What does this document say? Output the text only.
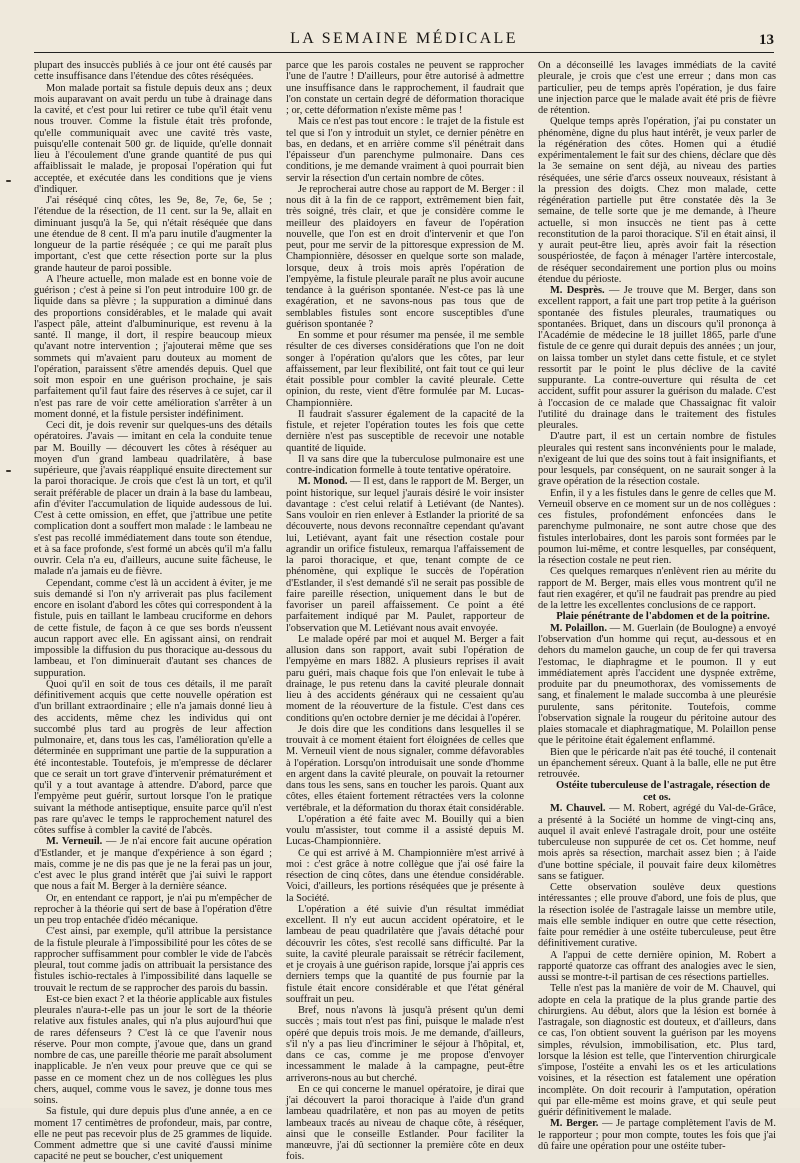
LA SEMAINE MÉDICALE	13

plupart des insuccès publiés à ce jour ont été causés par cette insuffisance dans l'étendue des côtes réséquées.

Mon malade portait sa fistule depuis deux ans ; deux mois auparavant on avait perdu un tube à drainage dans la cavité, et c'est pour lui retirer ce tube qu'il était venu nous trouver. Comme la fistule était très profonde, qu'elle communiquait avec une cavité très vaste, puisqu'elle contenait 500 gr. de liquide, qu'elle donnait lieu à l'écoulement d'une grande quantité de pus qui affaiblissait le malade, je proposai l'opération qui fut acceptée, et exécutée dans les conditions que je viens d'indiquer.

J'ai réséqué cinq côtes, les 9e, 8e, 7e, 6e, 5e ; l'étendue de la résection, de 11 cent. sur la 9e, allait en diminuant jusqu'à la 5e, qui n'était réséquée que dans une étendue de 8 cent. Il m'a paru inutile d'augmenter la longueur de la partie réséquée ; ce qui me paraît plus important, c'est que cette résection porte sur la plus grande hauteur de paroi possible.

A l'heure actuelle, mon malade est en bonne voie de guérison ; c'est à peine si l'on peut introduire 100 gr. de liquide dans sa plèvre ; la suppuration a diminué dans des proportions considérables, et le malade qui avait l'aspect pâle, atteint d'albuminurique, est revenu à la santé. Il mange, il dort, il respire beaucoup mieux qu'avant notre intervention ; j'ajouterai même que ses sommets qui m'avaient paru douteux au moment de l'opération, paraissent s'être amendés depuis. Quel que soit mon espoir en une guérison prochaine, je sais parfaitement qu'il faut faire des réserves à ce sujet, car il n'est pas rare de voir cette amélioration s'arrêter à un moment donné, et la fistule persister indéfiniment.

Ceci dit, je dois revenir sur quelques-uns des détails opératoires. J'avais — imitant en cela la conduite tenue par M. Bouilly — découvert les côtes à réséquer au moyen d'un grand lambeau quadrilatère, à base supérieure, que j'avais réappliqué ensuite directement sur la paroi thoracique. Je crois que c'est là un tort, et qu'il serait préférable de placer un drain à la base du lambeau, afin d'éviter l'accumulation de liquide audessous de lui. C'est à cette omission, en effet, que j'attribue une petite complication dont a souffert mon malade : le lambeau ne s'est pas recollé immédiatement dans toute son étendue, et à sa face profonde, s'est formé un abcès qu'il m'a fallu ouvrir. Cela n'a eu, d'ailleurs, aucune suite fâcheuse, le malade n'a jamais eu de fièvre.

Cependant, comme c'est là un accident à éviter, je me suis demandé si l'on n'y arriverait pas plus facilement encore en isolant d'abord les côtes qui correspondent à la fistule, puis en taillant le lambeau cruciforme en dehors de cette fistule, de façon à ce que ses bords n'eussent aucun rapport avec elle. En agissant ainsi, on rendrait impossible la diffusion du pus thoracique au-dessous du lambeau, et l'on diminuerait d'autant ses chances de suppuration.

Quoi qu'il en soit de tous ces détails, il me paraît définitivement acquis que cette nouvelle opération est d'un brillant extraordinaire ; elle n'a jamais donné lieu à des accidents, même chez les individus qui ont succombé plus tard au progrès de leur affection pulmonaire, et, dans tous les cas, l'amélioration qu'elle a déterminée en supprimant une partie de la suppuration a été incontestable. Toutefois, je m'empresse de déclarer que ce serait un tort grave d'intervenir prématurément et qu'il y a tout avantage à attendre. D'abord, parce que l'empyème peut guérir, surtout lorsque l'on le pratique suivant la méthode antiseptique, ensuite parce qu'il n'est pas rare qu'avec le temps le rapprochement naturel des côtes suffise à combler la cavité de l'abcès.

M. Verneuil. — Je n'ai encore fait aucune opération d'Estlander, et je manque d'expérience à son égard ; mais, comme je ne dis pas que je ne la ferai pas un jour, c'est avec le plus grand intérêt que j'ai suivi le rapport que nous a fait M. Berger à la dernière séance.

Or, en entendant ce rapport, je n'ai pu m'empêcher de reprocher à la théorie qui sert de base à l'opération d'être un peu trop entachée d'idéo mécanique.

C'est ainsi, par exemple, qu'il attribue la persistance de la fistule pleurale à l'impossibilité pour les côtes de se rapprocher suffisamment pour combler le vide de l'abcès pleural, tout comme jadis on attribuait la persistance des fistules ischio-rectales à l'impossibilité dans laquelle se trouvait le rectum de se rapprocher des parois du bassin.

Est-ce bien exact ? et la théorie applicable aux fistules pleurales n'aura-t-elle pas un jour le sort de la théorie relative aux fistules anales, qui n'a plus aujourd'hui que de rares défenseurs ? C'est là ce que l'avenir nous réserve. Pour mon compte, j'avoue que, dans un grand nombre de cas, une pareille théorie me paraît absolument inapplicable. Je n'en veux pour preuve que ce qui se passe en ce moment chez un de nos collègues les plus chers, auquel, comme vous le savez, je donne tous mes soins.

Sa fistule, qui dure depuis plus d'une année, a en ce moment 17 centimètres de profondeur, mais, par contre, elle ne peut pas recevoir plus de 25 grammes de liquide. Comment admettre que si une cavité d'aussi minime capacité ne peut se boucher, c'est uniquement

parce que les parois costales ne peuvent se rapprocher l'une de l'autre ! D'ailleurs, pour être autorisé à admettre une insuffisance dans le rapprochement, il faudrait que l'on constate un certain degré de déformation thoracique ; or, cette déformation n'existe même pas !

Mais ce n'est pas tout encore : le trajet de la fistule est tel que si l'on y introduit un stylet, ce dernier pénètre en bas, en dedans, et en arrière comme s'il pénétrait dans l'épaisseur d'un parenchyme pulmonaire. Dans ces conditions, je me demande vraiment à quoi pourrait bien servir la résection d'un certain nombre de côtes.

Je reprocherai autre chose au rapport de M. Berger : il nous dit à la fin de ce rapport, extrêmement bien fait, très soigné, très clair, et que je considère comme le meilleur des plaidoyers en faveur de l'opération nouvelle, que l'on est en droit d'intervenir et que l'on peut, pour me servir de la pittoresque expression de M. Championnière, désosser en quelque sorte son malade, lorsque, deux à trois mois après l'opération de l'empyème, la fistule pleurale paraît ne plus avoir aucune tendance à la guérison spontanée. N'est-ce pas là une exagération, et ne savons-nous pas tous que de semblables fistules sont encore susceptibles d'une guérison spontanée ?

En somme et pour résumer ma pensée, il me semble résulter de ces diverses considérations que l'on ne doit songer à l'opération qu'alors que les côtes, par leur affaissement, par leur flexibilité, ont fait tout ce qui leur était possible pour combler la cavité pleurale. Cette opinion, du reste, vient d'être formulée par M. Lucas-Championnière.

Il faudrait s'assurer également de la capacité de la fistule, et rejeter l'opération toutes les fois que cette dernière n'est pas susceptible de recevoir une notable quantité de liquide.

Il va sans dire que la tuberculose pulmonaire est une contre-indication formelle à toute tentative opératoire.

M. Monod. — Il est, dans le rapport de M. Berger, un point historique, sur lequel j'aurais désiré le voir insister davantage : c'est celui relatif à Letiévant (de Nantes). Sans vouloir en rien enlever à Estlander la priorité de sa découverte, nous devons reconnaître cependant qu'avant lui, Letiévant, ayant fait une résection costale pour agrandir un orifice fistuleux, remarqua l'affaissement de la paroi thoracique, et que, tenant compte de ce phénomène, qui explique le succès de l'opération d'Estlander, il s'est demandé s'il ne serait pas possible de faire pareille résection, uniquement dans le but de favoriser un pareil affaissement. Ce point a été parfaitement indiqué par M. Paulet, rapporteur de l'observation que M. Letiévant nous avait envoyée.

Le malade opéré par moi et auquel M. Berger a fait allusion dans son rapport, avait subi l'opération de l'empyème en mars 1882. A plusieurs reprises il avait paru guéri, mais chaque fois que l'on enlevait le tube à drainage, le pus retenu dans la cavité pleurale donnait lieu à des accidents généraux qui ne cessaient qu'au moment de la réouverture de la fistule. C'est dans ces conditions qu'en octobre dernier je me décidai à l'opérer.

Je dois dire que les conditions dans lesquelles il se trouvait à ce moment étaient fort éloignées de celles que M. Verneuil vient de nous signaler, comme défavorables à l'opération. Lorsqu'on introduisait une sonde d'homme en argent dans la cavité pleurale, on pouvait la retourner dans tous les sens, sans en toucher les parois. Quant aux côtes, elles étaient fortement rétractées vers la colonne vertébrale, et la déformation du thorax était considérable.

L'opération a été faite avec M. Bouilly qui a bien voulu m'assister, tout comme il a assisté depuis M. Lucas-Championnière.

Ce qui est arrivé à M. Championnière m'est arrivé à moi : c'est grâce à notre collègue que j'ai osé faire la résection de cinq côtes, dans une étendue considérable. Voici, d'ailleurs, les portions réséquées que je présente à la Société.

L'opération a été suivie d'un résultat immédiat excellent. Il n'y eut aucun accident opératoire, et le lambeau de peau quadrilatère que j'avais détaché pour découvrir les côtes, s'est recollé sans difficulté. Par la suite, la cavité pleurale paraissait se rétrécir facilement, et je croyais à une guérison rapide, lorsque j'ai appris ces derniers temps que la quantité de pus fournie par la fistule était encore considérable et que l'état général souffrait un peu.

Bref, nous n'avons là jusqu'à présent qu'un demi succès ; mais tout n'est pas fini, puisque le malade n'est opéré que depuis trois mois. Je me demande, d'ailleurs, s'il n'y a pas lieu d'incriminer le séjour à l'hôpital, et, dans ce cas, comme je me propose d'envoyer incessamment le malade à la campagne, peut-être arriverons-nous au but cherché.

En ce qui concerne le manuel opératoire, je dirai que j'ai découvert la paroi thoracique à l'aide d'un grand lambeau quadrilatère, et non pas au moyen de petits lambeaux tracés au niveau de chaque côte, à réséquer, ainsi que le conseille Estlander. Pour faciliter la manœuvre, j'ai dû sectionner la première côte en deux fois.

On a déconseillé les lavages immédiats de la cavité pleurale, je crois que c'est une erreur ; dans mon cas particulier, peu de temps après l'opération, je dus faire une injection parce que le malade avait été pris de fièvre de rétention.

Quelque temps après l'opération, j'ai pu constater un phénomène, digne du plus haut intérêt, je veux parler de la régénération des côtes. Homen qui a étudié expérimentalement le fait sur des chiens, déclare que dès la 3e semaine on sent déjà, au niveau des parties réséquées, une série d'arcs osseux nouveaux, résistant à la pression des doigts. Chez mon malade, cette régénération partielle put être constatée dès la 3e semaine, de telle sorte que je me demande, à l'heure actuelle, si mon insuccès ne tient pas à cette reconstitution de la paroi thoracique. S'il en était ainsi, il y aurait peut-être lieu, après avoir fait la résection souspériostée, de façon à ménager l'artère intercostale, de réséquer secondairement une portion plus ou moins étendue du périoste.

M. Desprès. — Je trouve que M. Berger, dans son excellent rapport, a fait une part trop petite à la guérison spontanée des fistules pleurales, traumatiques ou spontanées. Briquet, dans un discours qu'il prononça à l'Académie de médecine le 18 juillet 1865, parle d'une fistule de ce genre qui durait depuis des années ; un jour, on laissa tomber un stylet dans cette fistule, et ce stylet ressortit par le point le plus déclive de la cavité suppurante. La contre-ouverture qui résulta de cet accident, suffit pour assurer la guérison du malade. C'est à l'occasion de ce malade que Chassaignac fit valoir l'utilité du drainage dans le traitement des fistules pleurales.

D'autre part, il est un certain nombre de fistules pleurales qui restent sans inconvénients pour le malade, n'exigeant de lui que des soins tout à fait insignifiants, et pour lesquels, par conséquent, on ne saurait songer à la grave opération de la résection costale.

Enfin, il y a les fistules dans le genre de celles que M. Verneuil observe en ce moment sur un de nos collègues : ces fistules, profondément enfoncées dans le parenchyme pulmonaire, ne sont autre chose que des fistules interlobaires, dont les parois sont formées par le poumon lui-même, et contre lesquelles, par conséquent, la résection costale ne peut rien.

Ces quelques remarques n'enlèvent rien au mérite du rapport de M. Berger, mais elles vous montrent qu'il ne faut rien exagérer, et qu'il ne faudrait pas prendre au pied de la lettre les excellentes conclusions de ce rapport.

Plaie pénétrante de l'abdomen et de la poitrine.

M. Polaillon. — M. Guerlain (de Boulogne) a envoyé l'observation d'un homme qui reçut, au-dessous et en dehors du mamelon gauche, un coup de fer qui traversa l'estomac, le diaphragme et le poumon. Il y eut immédiatement après l'accident une dyspnée extrême, produite par du pneumothorax, des vomissements de sang, et finalement le malade succomba à une pleurésie purulente, sans péritonite. Toutefois, comme l'observation signale la rougeur du péritoine autour des plaies stomacale et diaphragmatique, M. Polaillon pense que le péritoine était également enflammé.

Bien que le péricarde n'ait pas été touché, il contenait un épanchement séreux. Quant à la balle, elle ne put être retrouvée.

Ostéite tuberculeuse de l'astragale, résection de cet os.

M. Chauvel. — M. Robert, agrégé du Val-de-Grâce, a présenté à la Société un homme de vingt-cinq ans, auquel il avait enlevé l'astragale droit, pour une ostéite tuberculeuse non suppurée de cet os. Cet homme, neuf mois après sa résection, marchait assez bien ; à l'aide d'une bottine spéciale, il pouvait faire deux kilomètres sans se fatiguer.

Cette observation soulève deux questions intéressantes ; elle prouve d'abord, une fois de plus, que la résection isolée de l'astragale laisse un membre utile, mais elle semble indiquer en outre que cette résection, faite pour remédier à une ostéite tuberculeuse, peut être définitivement curative.

A l'appui de cette dernière opinion, M. Robert a rapporté quatorze cas offrant des analogies avec le sien, aussi se montre-t-il partisan de ces résections partielles.

Telle n'est pas la manière de voir de M. Chauvel, qui adopte en cela la pratique de la plus grande partie des chirurgiens. Au début, alors que la lésion est bornée à l'astragale, son diagnostic est douteux, et d'ailleurs, dans ce cas, l'on obtient souvent la guérison par les moyens simples, révulsion, immobilisation, etc. Plus tard, lorsque la lésion est telle, que l'intervention chirurgicale s'impose, l'ostéite a envahi les os et les articulations voisines, et la résection est fatalement une opération incomplète. On doit recourir à l'amputation, opération qui par elle-même est moins grave, et qui seule peut guérir définitivement le malade.

M. Berger. — Je partage complètement l'avis de M. le rapporteur ; pour mon compte, toutes les fois que j'ai dû faire une opération pour une ostéite tuber-
